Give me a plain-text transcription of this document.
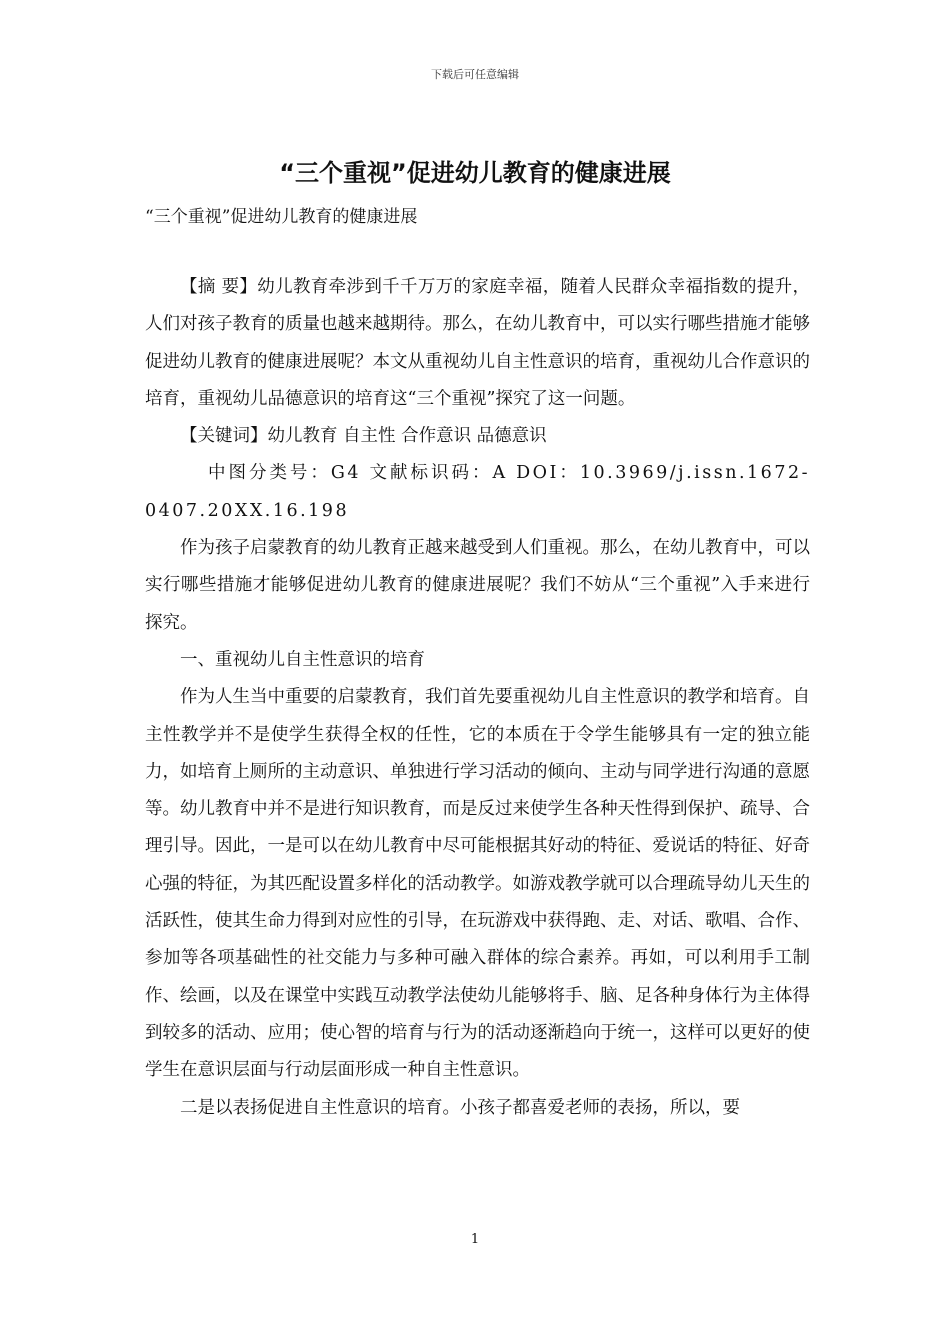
下载后可任意编辑
“三个重视”促进幼儿教育的健康进展
“三个重视”促进幼儿教育的健康进展

【摘 要】幼儿教育牵涉到千千万万的家庭幸福，随着人民群众幸福指数的提升，人们对孩子教育的质量也越来越期待。那么，在幼儿教育中，可以实行哪些措施才能够促进幼儿教育的健康进展呢？本文从重视幼儿自主性意识的培育，重视幼儿合作意识的培育，重视幼儿品德意识的培育这“三个重视”探究了这一问题。

【关键词】幼儿教育 自主性 合作意识 品德意识

中图分类号：G4 文献标识码：A DOI：10.3969/j.issn.1672-0407.20XX.16.198

作为孩子启蒙教育的幼儿教育正越来越受到人们重视。那么，在幼儿教育中，可以实行哪些措施才能够促进幼儿教育的健康进展呢？我们不妨从“三个重视”入手来进行探究。

一、重视幼儿自主性意识的培育

作为人生当中重要的启蒙教育，我们首先要重视幼儿自主性意识的教学和培育。自主性教学并不是使学生获得全权的任性，它的本质在于令学生能够具有一定的独立能力，如培育上厕所的主动意识、单独进行学习活动的倾向、主动与同学进行沟通的意愿等。幼儿教育中并不是进行知识教育，而是反过来使学生各种天性得到保护、疏导、合理引导。因此，一是可以在幼儿教育中尽可能根据其好动的特征、爱说话的特征、好奇心强的特征，为其匹配设置多样化的活动教学。如游戏教学就可以合理疏导幼儿天生的活跃性，使其生命力得到对应性的引导，在玩游戏中获得跑、走、对话、歌唱、合作、参加等各项基础性的社交能力与多种可融入群体的综合素养。再如，可以利用手工制作、绘画，以及在课堂中实践互动教学法使幼儿能够将手、脑、足各种身体行为主体得到较多的活动、应用；使心智的培育与行为的活动逐渐趋向于统一，这样可以更好的使学生在意识层面与行动层面形成一种自主性意识。

二是以表扬促进自主性意识的培育。小孩子都喜爱老师的表扬，所以，要

1
